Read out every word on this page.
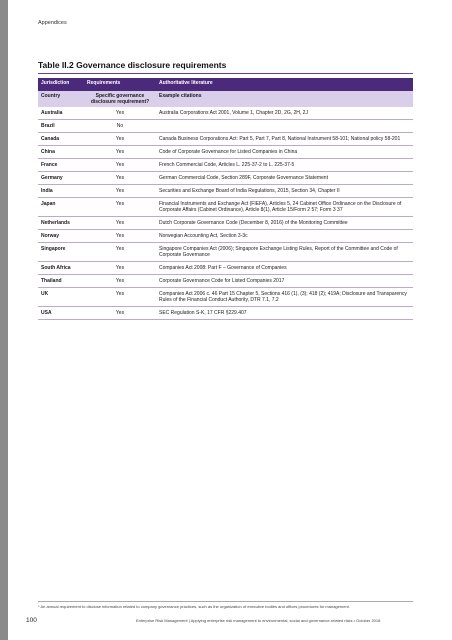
Appendices
Table II.2 Governance disclosure requirements
Jurisdiction	Requirements	Authoritative literature
Country	Specific governance disclosure requirement?	Example citations
Australia	Yes	Australia Corporations Act 2001, Volume 1, Chapter 2D, 2G, 2H, 2J
Brazil	No	
Canada	Yes	Canada Business Corporations Act: Part 5, Part 7, Part 8, National Instrument 58-101; National policy 58-201
China	Yes	Code of Corporate Governance for Listed Companies in China
France	Yes	French Commercial Code, Articles L. 225-37-2 to L. 225-37-5
Germany	Yes	German Commercial Code, Section 289F, Corporate Governance Statement
India	Yes	Securities and Exchange Board of India Regulations, 2015, Section 34, Chapter II
Japan	Yes	Financial Instruments and Exchange Act (FIEFA), Articles 5, 24 Cabinet Office Ordinance on the Disclosure of Corporate Affairs (Cabinet Ordinance), Article 8(1), Article 15/Form 2 57; Form 3 37
Netherlands	Yes	Dutch Corporate Governance Code (December 8, 2016) of the Monitoring Committee
Norway	Yes	Norwegian Accounting Act, Section 3-3c
Singapore	Yes	Singapore Companies Act (2006); Singapore Exchange Listing Rules, Report of the Committee and Code of Corporate Governance
South Africa	Yes	Companies Act 2008: Part F – Governance of Companies
Thailand	Yes	Corporate Governance Code for Listed Companies 2017
UK	Yes	Companies Act 2006 c. 46 Part 15 Chapter 5, Sections 416 (1), (3); 418 (2); 419A; Disclosure and Transparency Rules of the Financial Conduct Authority, DTR 7.1, 7.2
USA	Yes	SEC Regulation S-K, 17 CFR §229.407
* An annual requirement to disclose information related to company governance practices, such as the organization of executive bodies and offices procedures for management.
100	Enterprise Risk Management | Applying enterprise risk management to environmental, social and governance-related risks • October 2018
